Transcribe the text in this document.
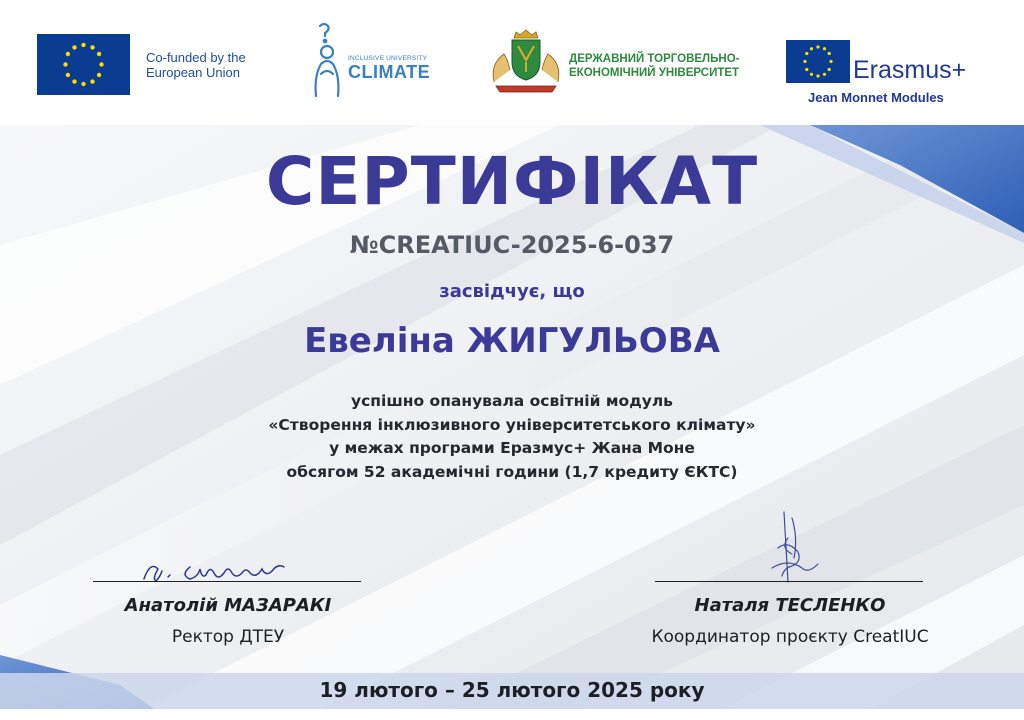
Co-funded by the
European Union
INCLUSIVE UNIVERSITY
CLIMATE
ДЕРЖАВНИЙ ТОРГОВЕЛЬНО-
ЕКОНОМІЧНИЙ УНІВЕРСИТЕТ	Erasmus+
Jean Monnet Modules
СЕРТИФІКАТ
№CREATIUC-2025-6-037
засвідчує, що
Евеліна ЖИГУЛЬОВА
успішно опанувала освітній модуль
«Створення інклюзивного університетського клімату»
у межах програми Еразмус+ Жана Моне
обсягом 52 академічні години (1,7 кредиту ЄКТС)
Анатолій МАЗАРАКІ
Ректор ДТЕУ
Наталя ТЕСЛЕНКО
Координатор проєкту CreatIUC
19 лютого – 25 лютого 2025 року
